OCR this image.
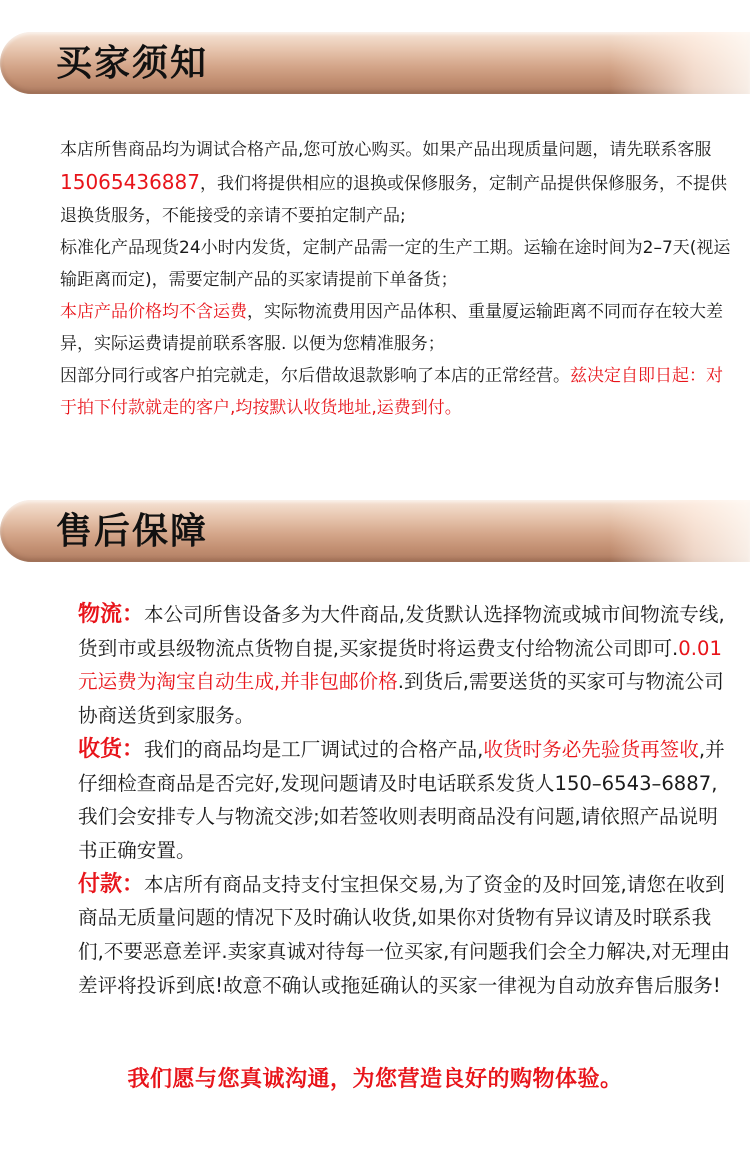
买家须知

本店所售商品均为调试合格产品,您可放心购买。如果产品出现质量问题，请先联系客服15065436887，我们将提供相应的退换或保修服务，定制产品提供保修服务，不提供退换货服务，不能接受的亲请不要拍定制产品;

标准化产品现货24小时内发货，定制产品需一定的生产工期。运输在途时间为2–7天(视运输距离而定)，需要定制产品的买家请提前下单备货；

本店产品价格均不含运费，实际物流费用因产品体积、重量厦运输距离不同而存在较大差异，实际运费请提前联系客服. 以便为您精准服务；

因部分同行或客户拍完就走，尔后借故退款影响了本店的正常经营。兹决定自即日起：对于拍下付款就走的客户,均按默认收货地址,运费到付。

售后保障

物流：本公司所售设备多为大件商品,发货默认选择物流或城市间物流专线,货到市或县级物流点货物自提,买家提货时将运费支付给物流公司即可.0.01元运费为淘宝自动生成,并非包邮价格.到货后,需要送货的买家可与物流公司协商送货到家服务。

收货：我们的商品均是工厂调试过的合格产品,收货时务必先验货再签收,并仔细检查商品是否完好,发现问题请及时电话联系发货人150–6543–6887,我们会安排专人与物流交涉;如若签收则表明商品没有问题,请依照产品说明书正确安置。

付款：本店所有商品支持支付宝担保交易,为了资金的及时回笼,请您在收到商品无质量问题的情况下及时确认收货,如果你对货物有异议请及时联系我们,不要恶意差评.卖家真诚对待每一位买家,有问题我们会全力解决,对无理由差评将投诉到底!故意不确认或拖延确认的买家一律视为自动放弃售后服务!

我们愿与您真诚沟通，为您营造良好的购物体验。
